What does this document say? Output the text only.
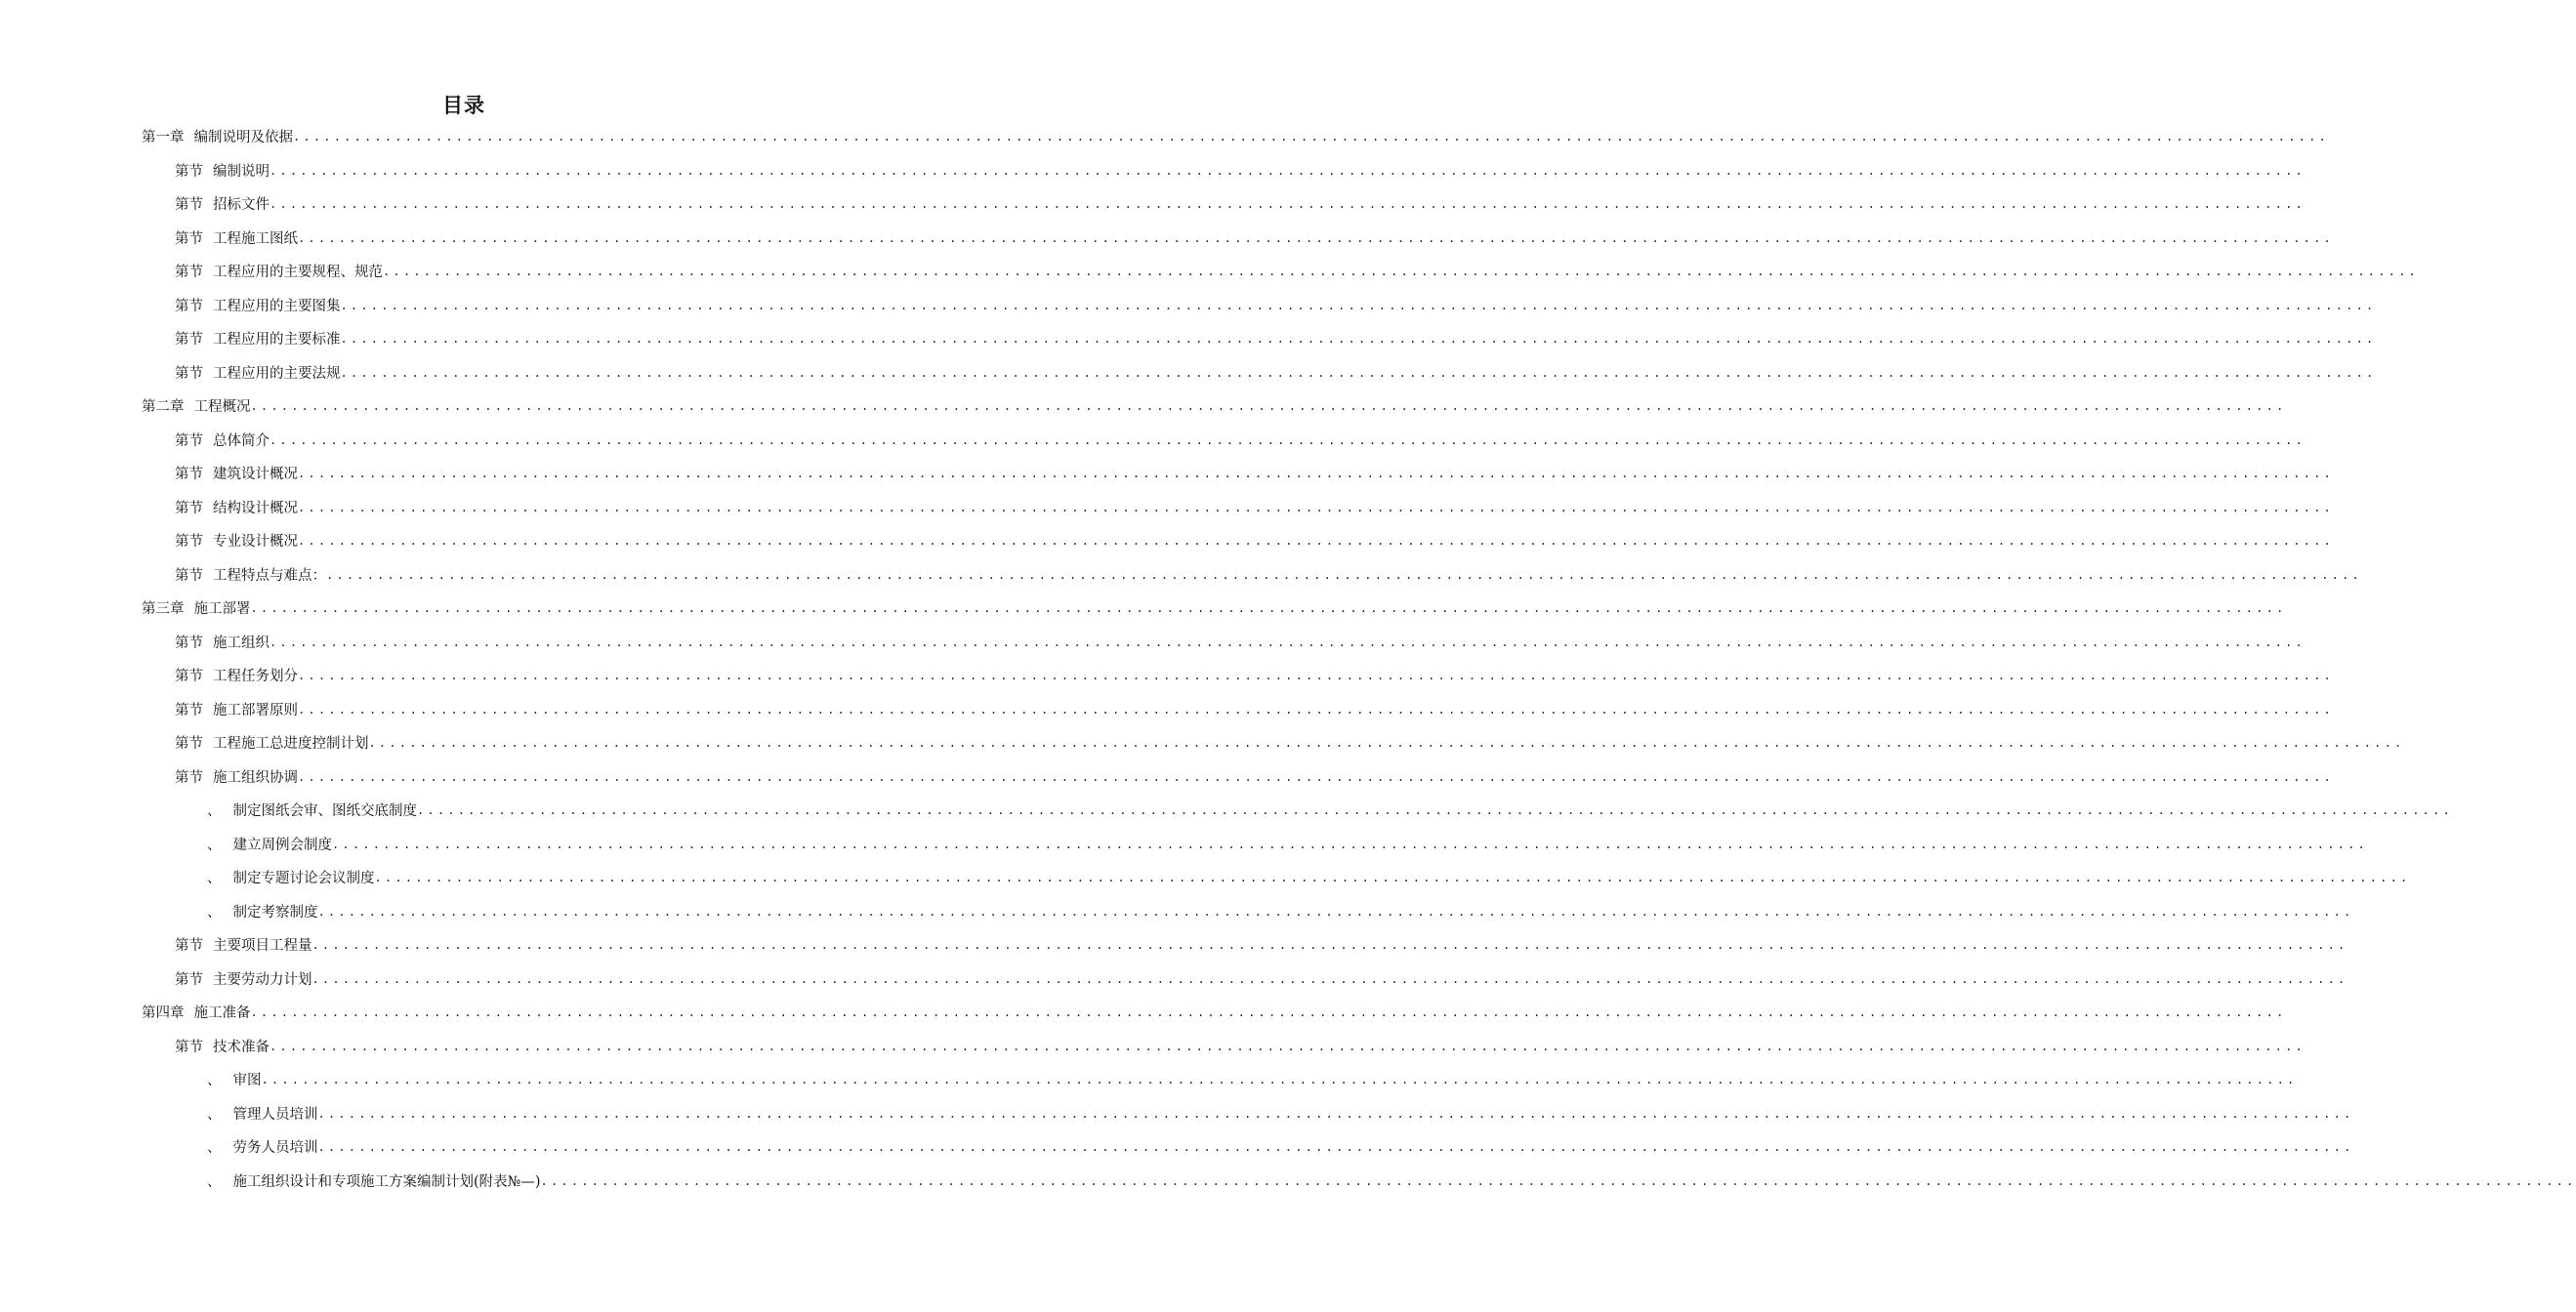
目录
第一章 编制说明及依据 ........................................................................................................................................................................................................
第节 编制说明 ........................................................................................................................................................................................................
第节 招标文件 ........................................................................................................................................................................................................
第节 工程施工图纸 ........................................................................................................................................................................................................
第节 工程应用的主要规程、规范 ........................................................................................................................................................................................................
第节 工程应用的主要图集 ........................................................................................................................................................................................................
第节 工程应用的主要标准 ........................................................................................................................................................................................................
第节 工程应用的主要法规 ........................................................................................................................................................................................................
第二章 工程概况 ........................................................................................................................................................................................................
第节 总体简介 ........................................................................................................................................................................................................
第节 建筑设计概况 ........................................................................................................................................................................................................
第节 结构设计概况 ........................................................................................................................................................................................................
第节 专业设计概况 ........................................................................................................................................................................................................
第节 工程特点与难点： ........................................................................................................................................................................................................
第三章 施工部署 ........................................................................................................................................................................................................
第节 施工组织 ........................................................................................................................................................................................................
第节 工程任务划分 ........................................................................................................................................................................................................
第节 施工部署原则 ........................................................................................................................................................................................................
第节 工程施工总进度控制计划 ........................................................................................................................................................................................................
第节 施工组织协调 ........................................................................................................................................................................................................
、 制定图纸会审、图纸交底制度 ........................................................................................................................................................................................................
、 建立周例会制度 ........................................................................................................................................................................................................
、 制定专题讨论会议制度 ........................................................................................................................................................................................................
、 制定考察制度 ........................................................................................................................................................................................................
第节 主要项目工程量 ........................................................................................................................................................................................................
第节 主要劳动力计划 ........................................................................................................................................................................................................
第四章 施工准备 ........................................................................................................................................................................................................
第节 技术准备 ........................................................................................................................................................................................................
、 审图 ........................................................................................................................................................................................................
、 管理人员培训 ........................................................................................................................................................................................................
、 劳务人员培训 ........................................................................................................................................................................................................
、 施工组织设计和专项施工方案编制计划(附表№—) ........................................................................................................................................................................................................
